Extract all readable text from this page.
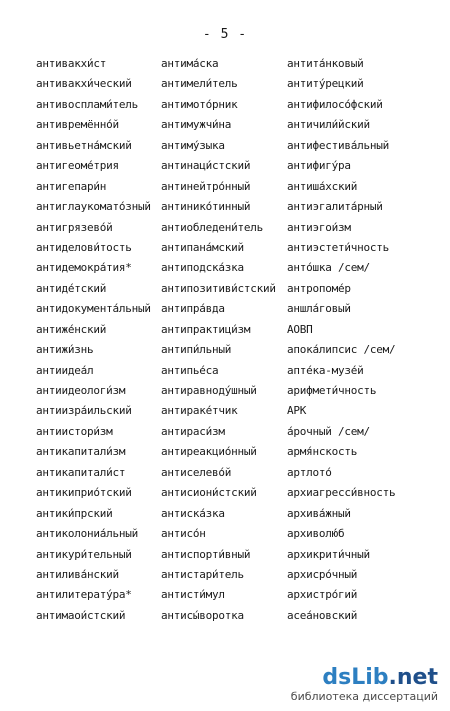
- 5 -
антивакхи́ст
антивакхи́ческий
антивосплами́тель
антивремённо́й
антивьетна́мский
антигеоме́трия
антигепари́н
антиглаукомато́зный
антигрязево́й
антиделови́тость
антидемокра́тия*
антиде́тский
антидокумента́льный
антиже́нский
антижи́знь
антиидеа́л
антиидеологи́зм
антиизра́ильский
антиистори́зм
антикапитали́зм
антикапитали́ст
антикиприо́тский
антики́прский
антиколониа́льный
антикури́тельный
антилива́нский
антилитерату́ра*
антимаои́стский
антима́ска
антимели́тель
антимото́рник
антимужчи́на
антиму́зыка
антинаци́стский
антинейтро́нный
антинико́тинный
антиобледени́тель
антипана́мский
антиподска́зка
антипозитиви́стский
антипра́вда
антипрактици́зм
антипи́льный
антипье́са
антиравноду́шный
антираке́тчик
антираси́зм
антиреакцио́нный
антиселево́й
антисиони́стский
антиска́зка
антисо́н
антиспорти́вный
антистари́тель
антисти́мул
антисы́воротка
антита́нковый
антиту́рецкий
антифилосо́фский
античили́йский
антифестива́льный
антифигу́ра
антиша́хский
антиэгалита́рный
антиэгои́зм
антиэстети́чность
анто́шка /сем/
антропоме́р
аншла́говый
АОВП
апока́липсис /сем/
апте́ка-музе́й
арифмети́чность
АРК
а́рочный /сем/
армя́нскость
артлото́
архиагресси́вность
архива́жный
архиволю́б
архикрити́чный
архисро́чный
архистро́гий
асеа́новский
dsLib.net
библиотека диссертаций
